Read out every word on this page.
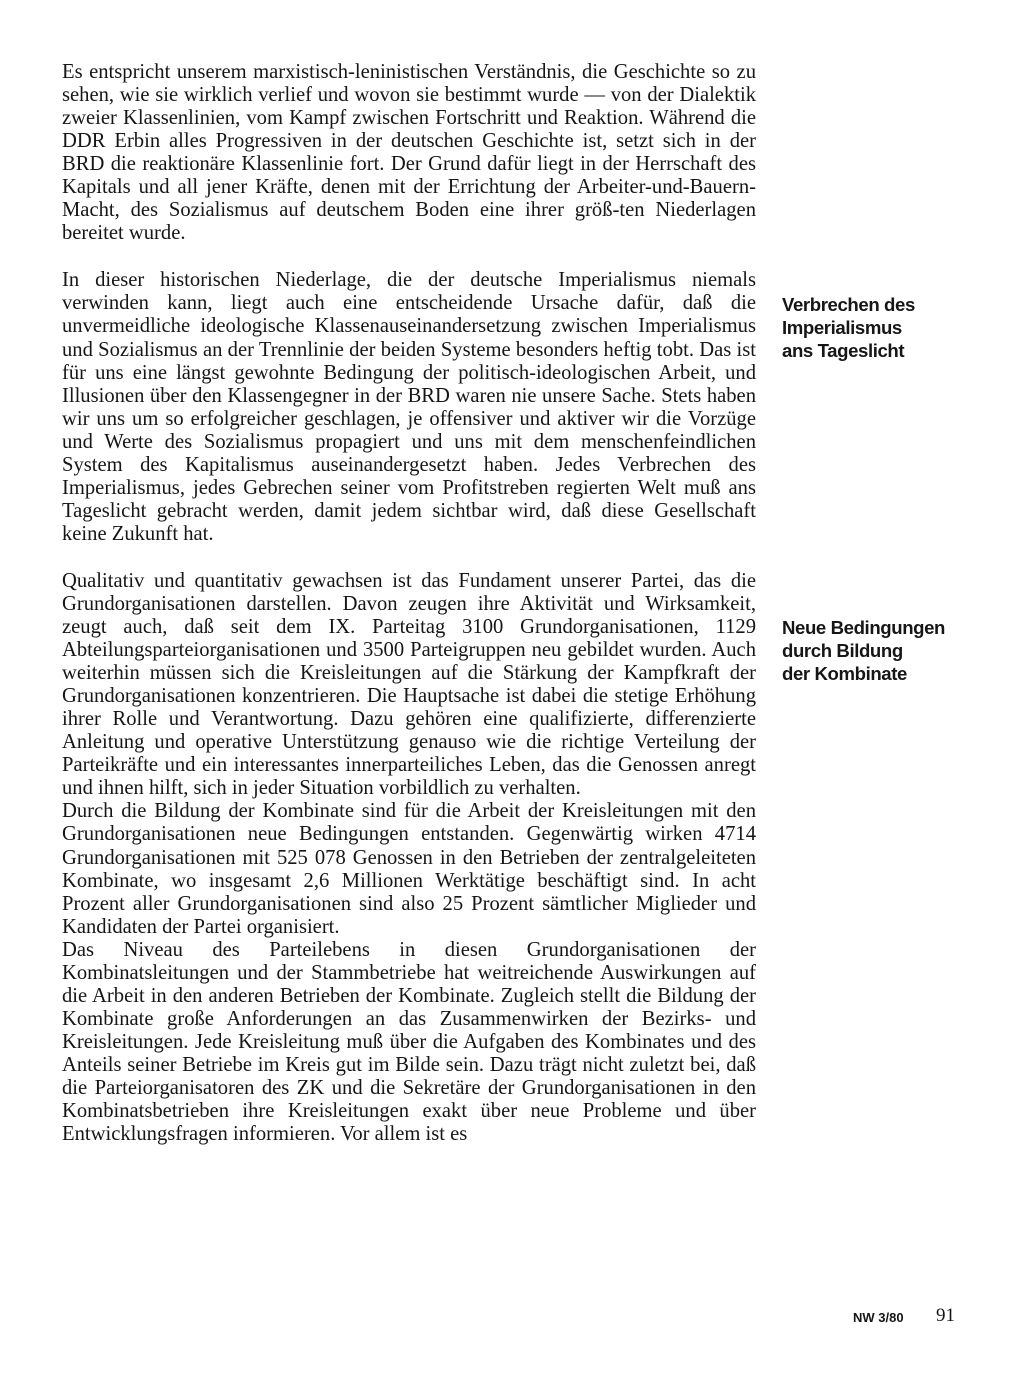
Es entspricht unserem marxistisch-leninistischen Verständnis, die Geschichte so zu sehen, wie sie wirklich verlief und wovon sie bestimmt wurde — von der Dialektik zweier Klassenlinien, vom Kampf zwischen Fortschritt und Reaktion. Während die DDR Erbin alles Progressiven in der deutschen Geschichte ist, setzt sich in der BRD die reaktionäre Klassenlinie fort. Der Grund dafür liegt in der Herrschaft des Kapitals und all jener Kräfte, denen mit der Errichtung der Arbeiter-und-Bauern-Macht, des Sozialismus auf deutschem Boden eine ihrer größ-ten Niederlagen bereitet wurde.

In dieser historischen Niederlage, die der deutsche Imperialismus niemals verwinden kann, liegt auch eine entscheidende Ursache dafür, daß die unvermeidliche ideologische Klassenauseinandersetzung zwischen Imperialismus und Sozialismus an der Trennlinie der beiden Systeme besonders heftig tobt. Das ist für uns eine längst gewohnte Bedingung der politisch-ideologischen Arbeit, und Illusionen über den Klassengegner in der BRD waren nie unsere Sache. Stets haben wir uns um so erfolgreicher geschlagen, je offensiver und aktiver wir die Vorzüge und Werte des Sozialismus propagiert und uns mit dem menschenfeindlichen System des Kapitalismus auseinandergesetzt haben. Jedes Verbrechen des Imperialismus, jedes Gebrechen seiner vom Profitstreben regierten Welt muß ans Tageslicht gebracht werden, damit jedem sichtbar wird, daß diese Gesellschaft keine Zukunft hat.

Qualitativ und quantitativ gewachsen ist das Fundament unserer Partei, das die Grundorganisationen darstellen. Davon zeugen ihre Aktivität und Wirksamkeit, zeugt auch, daß seit dem IX. Parteitag 3100 Grundorganisationen, 1129 Abteilungsparteiorganisationen und 3500 Parteigruppen neu gebildet wurden. Auch weiterhin müssen sich die Kreisleitungen auf die Stärkung der Kampfkraft der Grundorganisationen konzentrieren. Die Hauptsache ist dabei die stetige Erhöhung ihrer Rolle und Verantwortung. Dazu gehören eine qualifizierte, differenzierte Anleitung und operative Unterstützung genauso wie die richtige Verteilung der Parteikräfte und ein interessantes innerparteiliches Leben, das die Genossen anregt und ihnen hilft, sich in jeder Situation vorbildlich zu verhalten.

Durch die Bildung der Kombinate sind für die Arbeit der Kreisleitungen mit den Grundorganisationen neue Bedingungen entstanden. Gegenwärtig wirken 4714 Grundorganisationen mit 525 078 Genossen in den Betrieben der zentralgeleiteten Kombinate, wo insgesamt 2,6 Millionen Werktätige beschäftigt sind. In acht Prozent aller Grundorganisationen sind also 25 Prozent sämtlicher Miglieder und Kandidaten der Partei organisiert.

Das Niveau des Parteilebens in diesen Grundorganisationen der Kombinatsleitungen und der Stammbetriebe hat weitreichende Auswirkungen auf die Arbeit in den anderen Betrieben der Kombinate. Zugleich stellt die Bildung der Kombinate große Anforderungen an das Zusammenwirken der Bezirks- und Kreisleitungen. Jede Kreisleitung muß über die Aufgaben des Kombinates und des Anteils seiner Betriebe im Kreis gut im Bilde sein. Dazu trägt nicht zuletzt bei, daß die Parteiorganisatoren des ZK und die Sekretäre der Grundorganisationen in den Kombinatsbetrieben ihre Kreisleitungen exakt über neue Probleme und über Entwicklungsfragen informieren. Vor allem ist es

Verbrechen des
Imperialismus
ans Tageslicht
Neue Bedingungen
durch Bildung
der Kombinate
NW 3/80 91
